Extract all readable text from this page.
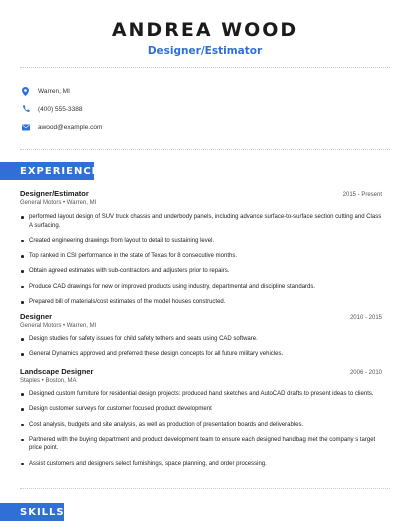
ANDREA WOOD
Designer/Estimator
Warren, MI
(400) 555-3388
awood@example.com
EXPERIENCE
Designer/Estimator	2015 - Present
General Motors • Warren, MI
performed layout design of SUV truck chassis and underbody panels, including advance surface-to-surface section cutting and Class A surfacing.
Created engineering drawings from layout to detail to sustaining level.
Top ranked in CSI performance in the state of Texas for 8 consecutive months.
Obtain agreed estimates with sub-contractors and adjusters prior to repairs.
Produce CAD drawings for new or improved products using industry, departmental and discipline standards.
Prepared bill of materials/cost estimates of the model houses constructed.
Designer	2010 - 2015
General Motors • Warren, MI
Design studies for safety issues for child safety tethers and seats using CAD software.
General Dynamics approved and preferred these design concepts for all future military vehicles.
Landscape Designer	2006 - 2010
Staples • Boston, MA
Designed custom furniture for residential design projects: produced hand sketches and AutoCAD drafts to present ideas to clients.
Design customer surveys for customer focused product development
Cost analysis, budgets and site analysis, as well as production of presentation boards and deliverables.
Partnered with the buying department and product development team to ensure each designed handbag met the company s target price point.
Assist customers and designers select furnishings, space planning, and order processing.
SKILLS
